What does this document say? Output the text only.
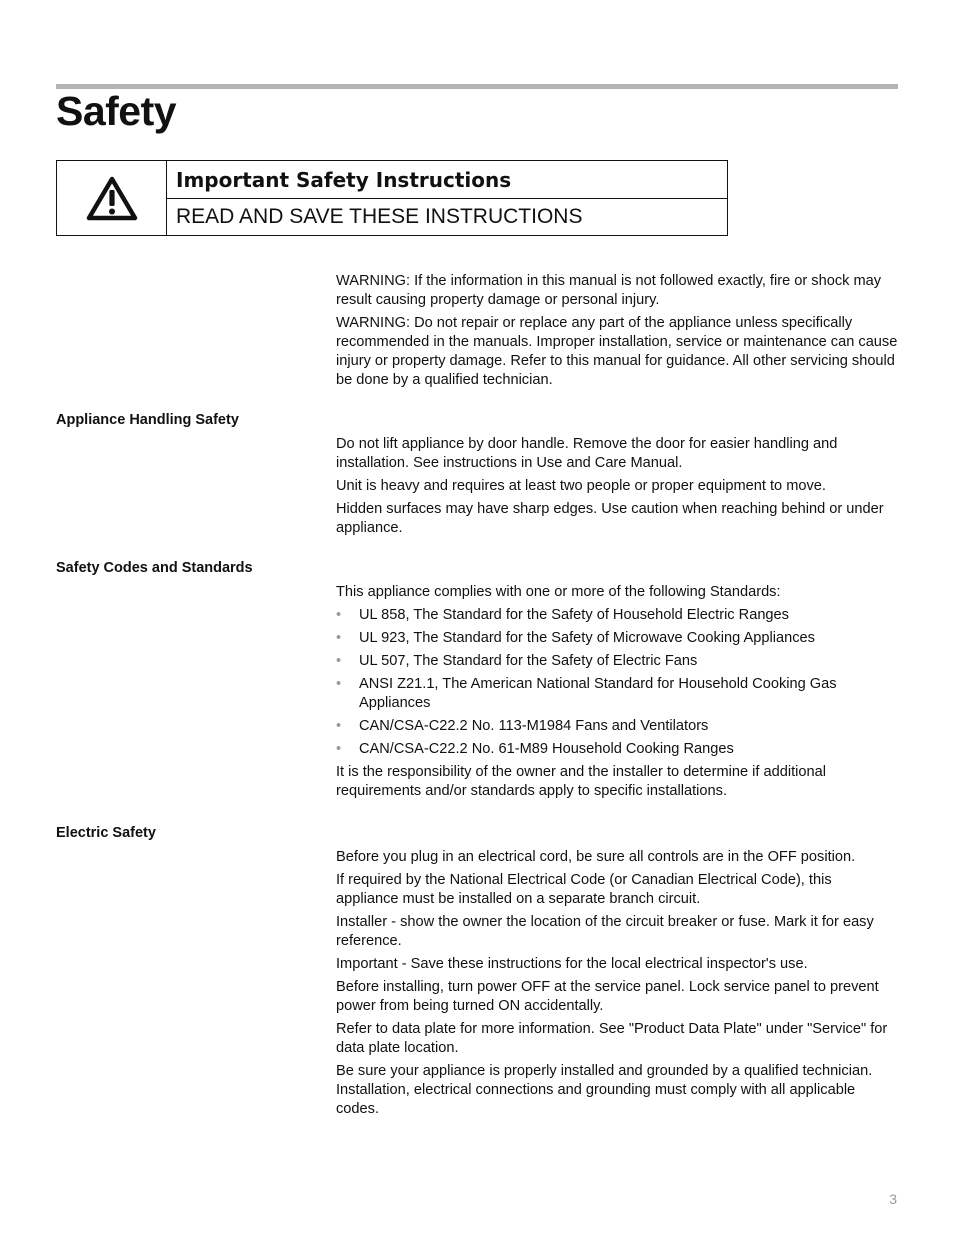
Safety
Important Safety Instructions
READ AND SAVE THESE INSTRUCTIONS

WARNING: If the information in this manual is not followed exactly, fire or shock may result causing property damage or personal injury.

WARNING: Do not repair or replace any part of the appliance unless specifically recommended in the manuals. Improper installation, service or maintenance can cause injury or property damage. Refer to this manual for guidance. All other servicing should be done by a qualified technician.

Appliance Handling Safety

Do not lift appliance by door handle. Remove the door for easier handling and installation. See instructions in Use and Care Manual.

Unit is heavy and requires at least two people or proper equipment to move.

Hidden surfaces may have sharp edges. Use caution when reaching behind or under appliance.

Safety Codes and Standards

This appliance complies with one or more of the following Standards:

• UL 858, The Standard for the Safety of Household Electric Ranges
• UL 923, The Standard for the Safety of Microwave Cooking Appliances
• UL 507, The Standard for the Safety of Electric Fans
• ANSI Z21.1, The American National Standard for Household Cooking Gas Appliances
• CAN/CSA-C22.2 No. 113-M1984 Fans and Ventilators
• CAN/CSA-C22.2 No. 61-M89 Household Cooking Ranges

It is the responsibility of the owner and the installer to determine if additional requirements and/or standards apply to specific installations.

Electric Safety

Before you plug in an electrical cord, be sure all controls are in the OFF position.

If required by the National Electrical Code (or Canadian Electrical Code), this appliance must be installed on a separate branch circuit.

Installer - show the owner the location of the circuit breaker or fuse. Mark it for easy reference.

Important - Save these instructions for the local electrical inspector's use.

Before installing, turn power OFF at the service panel. Lock service panel to prevent power from being turned ON accidentally.

Refer to data plate for more information. See "Product Data Plate" under "Service" for data plate location.

Be sure your appliance is properly installed and grounded by a qualified technician. Installation, electrical connections and grounding must comply with all applicable codes.

3
